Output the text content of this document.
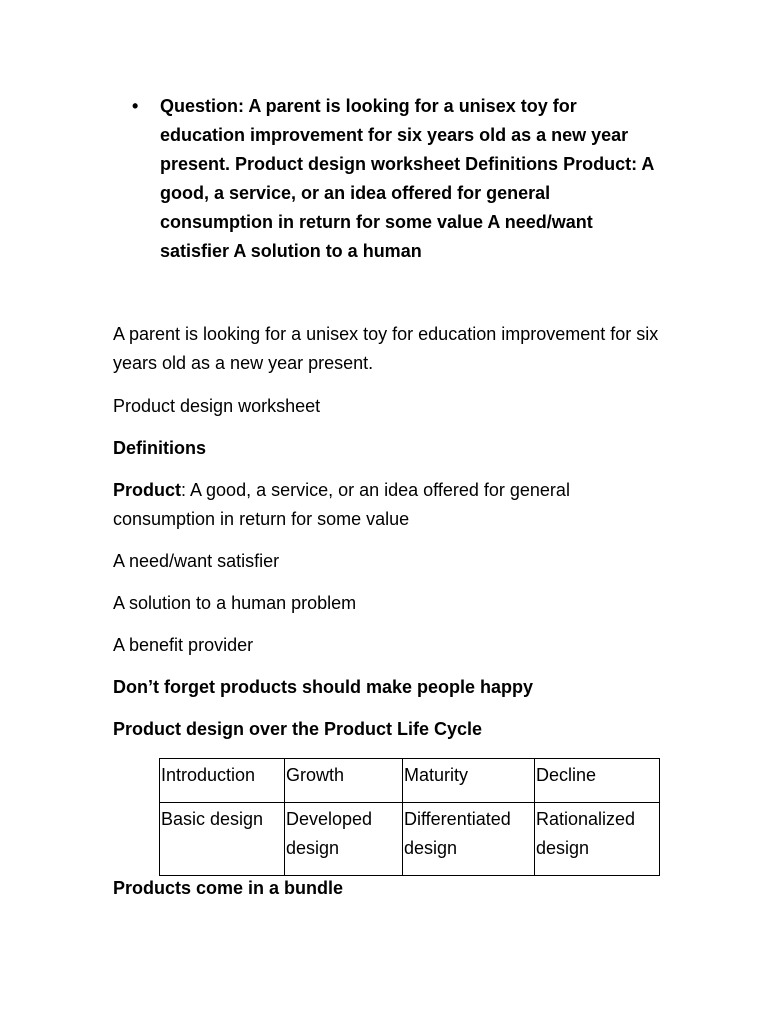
•	Question: A parent is looking for a unisex toy for education improvement for six years old as a new year present. Product design worksheet Definitions Product: A good, a service, or an idea offered for general consumption in return for some value A need/want satisfier A solution to a human

A parent is looking for a unisex toy for education improvement for six years old as a new year present.

Product design worksheet

Definitions

Product: A good, a service, or an idea offered for general consumption in return for some value

A need/want satisfier

A solution to a human problem

A benefit provider

Don’t forget products should make people happy

Product design over the Product Life Cycle

Introduction	Growth	Maturity	Decline
Basic design	Developed design	Differentiated design	Rationalized design

Products come in a bundle
